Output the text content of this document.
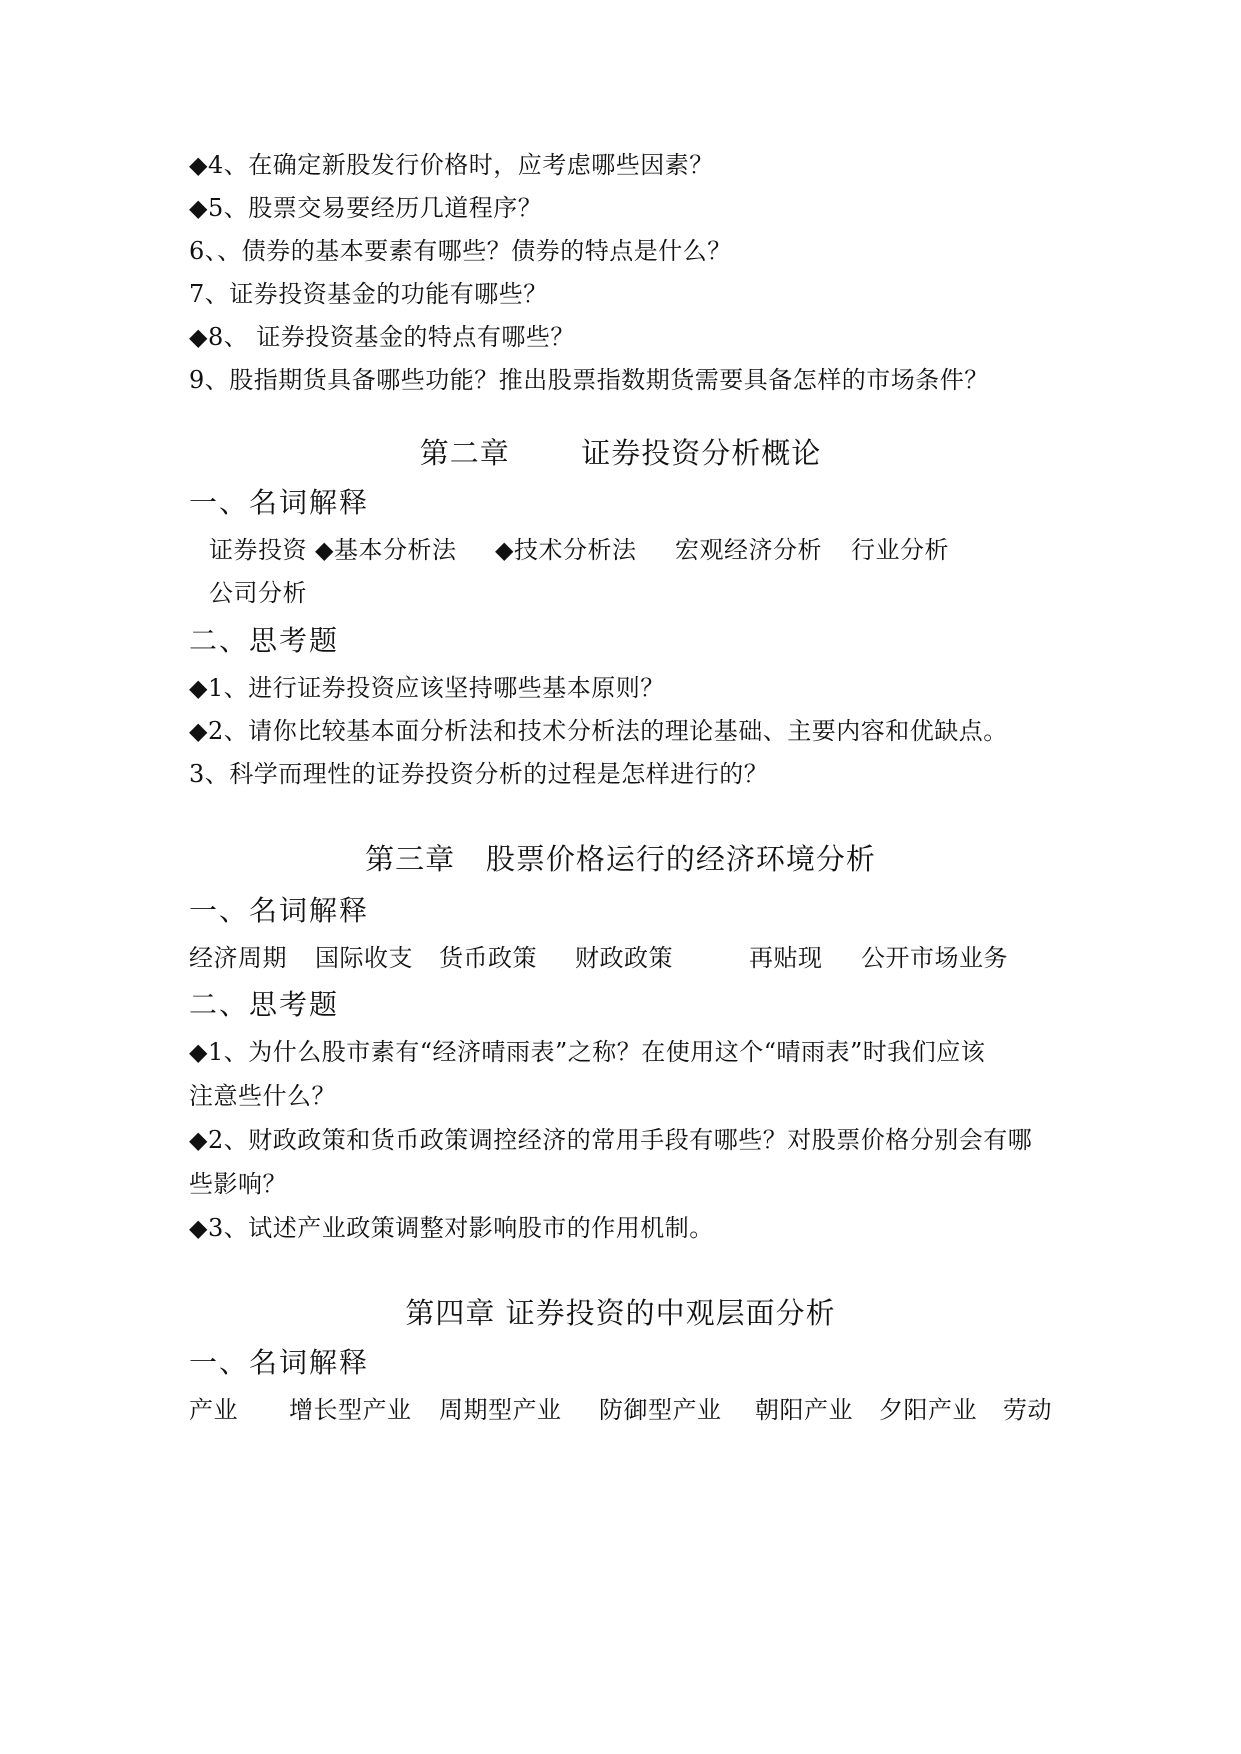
◆4、在确定新股发行价格时，应考虑哪些因素？
◆5、股票交易要经历几道程序？
6、、债券的基本要素有哪些？债券的特点是什么？
7、证券投资基金的功能有哪些？
◆8、 证券投资基金的特点有哪些？
9、股指期货具备哪些功能？推出股票指数期货需要具备怎样的市场条件？
第二章       证券投资分析概论
一、名词解释
证券投资 ◆基本分析法 ◆技术分析法 宏观经济分析 行业分析
公司分析
二、思考题
◆1、进行证券投资应该坚持哪些基本原则？
◆2、请你比较基本面分析法和技术分析法的理论基础、主要内容和优缺点。
3、科学而理性的证券投资分析的过程是怎样进行的？
第三章   股票价格运行的经济环境分析
一、名词解释
经济周期 国际收支 货币政策 财政政策	再贴现 公开市场业务
二、思考题
◆1、为什么股市素有“经济晴雨表”之称？在使用这个“晴雨表”时我们应该
注意些什么？
◆2、财政政策和货币政策调控经济的常用手段有哪些？对股票价格分别会有哪
些影响？
◆3、试述产业政策调整对影响股市的作用机制。
第四章 证券投资的中观层面分析
一、名词解释
产业 增长型产业 周期型产业 防御型产业 朝阳产业 夕阳产业 劳动
